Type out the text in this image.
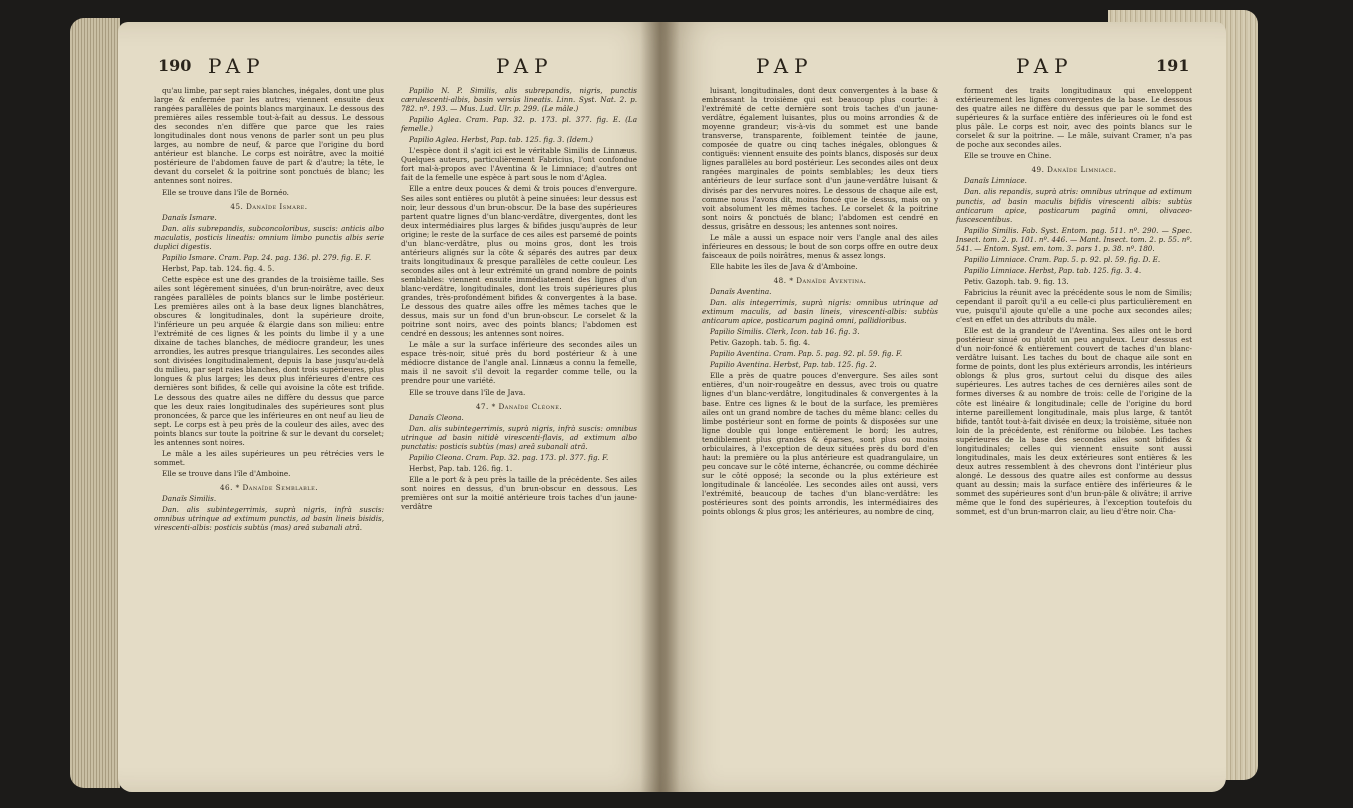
190 PAP	PAP

qu'au limbe, par sept raies blanches, inégales, dont une plus large & enfermée par les autres; viennent ensuite deux rangées parallèles de points blancs marginaux. Le dessous des premières ailes ressemble tout-à-fait au dessus. Le dessous des secondes n'en diffère que parce que les raies longitudinales dont nous venons de parler sont un peu plus larges, au nombre de neuf, & parce que l'origine du bord antérieur est blanche. Le corps est noirâtre, avec la moitié postérieure de l'abdomen fauve de part & d'autre; la tête, le devant du corselet & la poitrine sont ponctués de blanc; les antennes sont noires.

Elle se trouve dans l'île de Bornéo.

45. Danaïde Ismare.

Danaïs Ismare.

Dan. alis subrepandis, subconcoloribus, suscis: anticis albo maculatis, posticis lineatis: omnium limbo punctis albis serie duplici digestis.

Papilio Ismare. Cram. Pap. 24. pag. 136. pl. 279. fig. E. F.

Herbst, Pap. tab. 124. fig. 4. 5.

Cette espèce est une des grandes de la troisième taille. Ses ailes sont légèrement sinuées, d'un brun-noirâtre, avec deux rangées parallèles de points blancs sur le limbe postérieur. Les premières ailes ont à la base deux lignes blanchâtres, obscures & longitudinales, dont la supérieure droite, l'inférieure un peu arquée & élargie dans son milieu: entre l'extrémité de ces lignes & les points du limbe il y a une dixaine de taches blanches, de médiocre grandeur, les unes arrondies, les autres presque triangulaires. Les secondes ailes sont divisées longitudinalement, depuis la base jusqu'au-delà du milieu, par sept raies blanches, dont trois supérieures, plus longues & plus larges; les deux plus inférieures d'entre ces dernières sont bifides, & celle qui avoisine la côte est trifide. Le dessous des quatre ailes ne diffère du dessus que parce que les deux raies longitudinales des supérieures sont plus prononcées, & parce que les inférieures en ont neuf au lieu de sept. Le corps est à peu près de la couleur des ailes, avec des points blancs sur toute la poitrine & sur le devant du corselet; les antennes sont noires.

Le mâle a les ailes supérieures un peu rétrécies vers le sommet.

Elle se trouve dans l'île d'Amboine.

46. * Danaïde Semblable.

Danaïs Similis.

Dan. alis subintegerrimis, suprà nigris, infrà suscis: omnibus utrinque ad extimum punctis, ad basin lineis bisidis, virescenti-albis: posticis subtùs (mas) areâ subanali atrâ.

Papilio N. P. Similis, alis subrepandis, nigris, punctis cærulescenti-albis, basin versùs lineatis. Linn. Syst. Nat. 2. p. 782. nº. 193. — Mus. Lud. Ulr. p. 299. (Le mâle.)

Papilio Aglea. Cram. Pap. 32. p. 173. pl. 377. fig. E. (La femelle.)

Papilio Aglea. Herbst, Pap. tab. 125. fig. 3. (Idem.)

L'espèce dont il s'agit ici est le véritable Similis de Linnæus. Quelques auteurs, particulièrement Fabricius, l'ont confondue fort mal-à-propos avec l'Aventina & le Limniace; d'autres ont fait de la femelle une espèce à part sous le nom d'Aglea.

Elle a entre deux pouces & demi & trois pouces d'envergure. Ses ailes sont entières ou plutôt à peine sinuées: leur dessus est noir, leur dessous d'un brun-obscur. De la base des supérieures partent quatre lignes d'un blanc-verdâtre, divergentes, dont les deux intermédiaires plus larges & bifides jusqu'auprès de leur origine; le reste de la surface de ces ailes est parsemé de points d'un blanc-verdâtre, plus ou moins gros, dont les trois antérieurs alignés sur la côte & séparés des autres par deux traits longitudinaux & presque parallèles de cette couleur. Les secondes ailes ont à leur extrémité un grand nombre de points semblables: viennent ensuite immédiatement des lignes d'un blanc-verdâtre, longitudinales, dont les trois supérieures plus grandes, très-profondément bifides & convergentes à la base. Le dessous des quatre ailes offre les mêmes taches que le dessus, mais sur un fond d'un brun-obscur. Le corselet & la poitrine sont noirs, avec des points blancs; l'abdomen est cendré en dessous; les antennes sont noires.

Le mâle a sur la surface inférieure des secondes ailes un espace très-noir, situé près du bord postérieur & à une médiocre distance de l'angle anal. Linnæus a connu la femelle, mais il ne savoit s'il devoit la regarder comme telle, ou la prendre pour une variété.

Elle se trouve dans l'île de Java.

47. * Danaïde Cléone.

Danaïs Cleona.

Dan. alis subintegerrimis, suprà nigris, infrà suscis: omnibus utrinque ad basin nitidè virescenti-flavis, ad extimum albo punctatis: posticis subtùs (mas) areâ subanali atrâ.

Papilio Cleona. Cram. Pap. 32. pag. 173. pl. 377. fig. F.

Herbst, Pap. tab. 126. fig. 1.

Elle a le port & à peu près la taille de la précédente. Ses ailes sont noires en dessus, d'un brun-obscur en dessous. Les premières ont sur la moitié antérieure trois taches d'un jaune-verdâtre

PAP	PAP	191

luisant, longitudinales, dont deux convergentes à la base & embrassant la troisième qui est beaucoup plus courte: à l'extrémité de cette dernière sont trois taches d'un jaune-verdâtre, également luisantes, plus ou moins arrondies & de moyenne grandeur; vis-à-vis du sommet est une bande transverse, transparente, foiblement teintée de jaune, composée de quatre ou cinq taches inégales, oblongues & contiguës: viennent ensuite des points blancs, disposés sur deux lignes parallèles au bord postérieur. Les secondes ailes ont deux rangées marginales de points semblables; les deux tiers antérieurs de leur surface sont d'un jaune-verdâtre luisant & divisés par des nervures noires. Le dessous de chaque aile est, comme nous l'avons dit, moins foncé que le dessus, mais on y voit absolument les mêmes taches. Le corselet & la poitrine sont noirs & ponctués de blanc; l'abdomen est cendré en dessus, grisâtre en dessous; les antennes sont noires.

Le mâle a aussi un espace noir vers l'angle anal des ailes inférieures en dessous; le bout de son corps offre en outre deux faisceaux de poils noirâtres, menus & assez longs.

Elle habite les îles de Java & d'Amboine.

48. * Danaïde Aventina.

Danaïs Aventina.

Dan. alis integerrimis, suprà nigris: omnibus utrinque ad extimum maculis, ad basin lineis, virescenti-albis: subtùs anticarum apice, posticarum paginâ omni, pallidioribus.

Papilio Similis. Clerk, Icon. tab 16. fig. 3.

Petiv. Gazoph. tab. 5. fig. 4.

Papilio Aventina. Cram. Pap. 5. pag. 92. pl. 59. fig. F.

Papilio Aventina. Herbst, Pap. tab. 125. fig. 2.

Elle a près de quatre pouces d'envergure. Ses ailes sont entières, d'un noir-rougeâtre en dessus, avec trois ou quatre lignes d'un blanc-verdâtre, longitudinales & convergentes à la base. Entre ces lignes & le bout de la surface, les premières ailes ont un grand nombre de taches du même blanc: celles du limbe postérieur sont en forme de points & disposées sur une ligne double qui longe entièrement le bord; les autres, tendiblement plus grandes & éparses, sont plus ou moins orbiculaires, à l'exception de deux situées près du bord d'en haut: la première ou la plus antérieure est quadrangulaire, un peu concave sur le côté interne, échancrée, ou comme déchirée sur le côté opposé; la seconde ou la plus extérieure est longitudinale & lancéolée. Les secondes ailes ont aussi, vers l'extrémité, beaucoup de taches d'un blanc-verdâtre: les postérieures sont des points arrondis, les intermédiaires des points oblongs & plus gros; les antérieures, au nombre de cinq,

forment des traits longitudinaux qui enveloppent extérieurement les lignes convergentes de la base. Le dessous des quatre ailes ne diffère du dessus que par le sommet des supérieures & la surface entière des inférieures où le fond est plus pâle. Le corps est noir, avec des points blancs sur le corselet & sur la poitrine. — Le mâle, suivant Cramer, n'a pas de poche aux secondes ailes.

Elle se trouve en Chine.

49. Danaïde Limniace.

Danaïs Limniace.

Dan. alis repandis, suprà atris: omnibus utrinque ad extimum punctis, ad basin maculis bifidis virescenti albis: subtùs anticarum apice, posticarum paginâ omni, olivaceo-fuscescentibus.

Papilio Similis. Fab. Syst. Entom. pag. 511. nº. 290. — Spec. Insect. tom. 2. p. 101. nº. 446. — Mant. Insect. tom. 2. p. 55. nº. 541. — Entom. Syst. em. tom. 3. pars 1. p. 38. nº. 180.

Papilio Limniace. Cram. Pap. 5. p. 92. pl. 59. fig. D. E.

Papilio Limniace. Herbst, Pap. tab. 125. fig. 3. 4.

Petiv. Gazoph. tab. 9. fig. 13.

Fabricius la réunit avec la précédente sous le nom de Similis; cependant il paroît qu'il a eu celle-ci plus particulièrement en vue, puisqu'il ajoute qu'elle a une poche aux secondes ailes; c'est en effet un des attributs du mâle.

Elle est de la grandeur de l'Aventina. Ses ailes ont le bord postérieur sinué ou plutôt un peu anguleux. Leur dessus est d'un noir-foncé & entièrement couvert de taches d'un blanc-verdâtre luisant. Les taches du bout de chaque aile sont en forme de points, dont les plus extérieurs arrondis, les intérieurs oblongs & plus gros, surtout celui du disque des ailes supérieures. Les autres taches de ces dernières ailes sont de formes diverses & au nombre de trois: celle de l'origine de la côte est linéaire & longitudinale; celle de l'origine du bord interne pareillement longitudinale, mais plus large, & tantôt bifide, tantôt tout-à-fait divisée en deux; la troisième, située non loin de la précédente, est réniforme ou bilobée. Les taches supérieures de la base des secondes ailes sont bifides & longitudinales; celles qui viennent ensuite sont aussi longitudinales, mais les deux extérieures sont entières & les deux autres ressemblent à des chevrons dont l'intérieur plus alongé. Le dessous des quatre ailes est conforme au dessus quant au dessin; mais la surface entière des inférieures & le sommet des supérieures sont d'un brun-pâle & olivâtre; il arrive même que le fond des supérieures, à l'exception toutefois du sommet, est d'un brun-marron clair, au lieu d'être noir. Cha-
